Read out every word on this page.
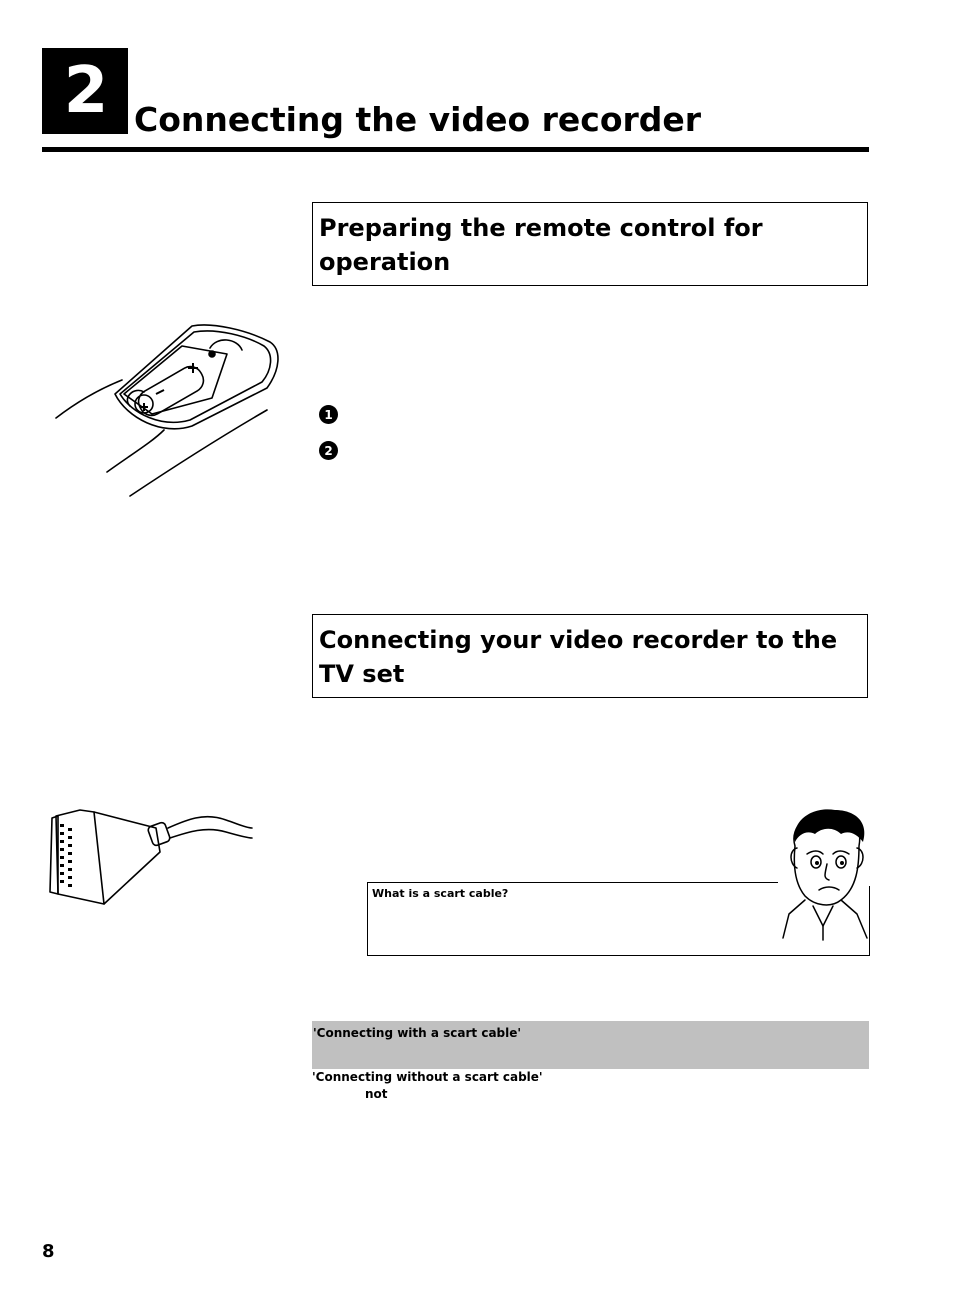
2 Connecting the video recorder
Preparing the remote control for operation
1
2
Connecting your video recorder to the TV set
What is a scart cable?
'Connecting with a scart cable'
'Connecting without a scart cable'
not
8
